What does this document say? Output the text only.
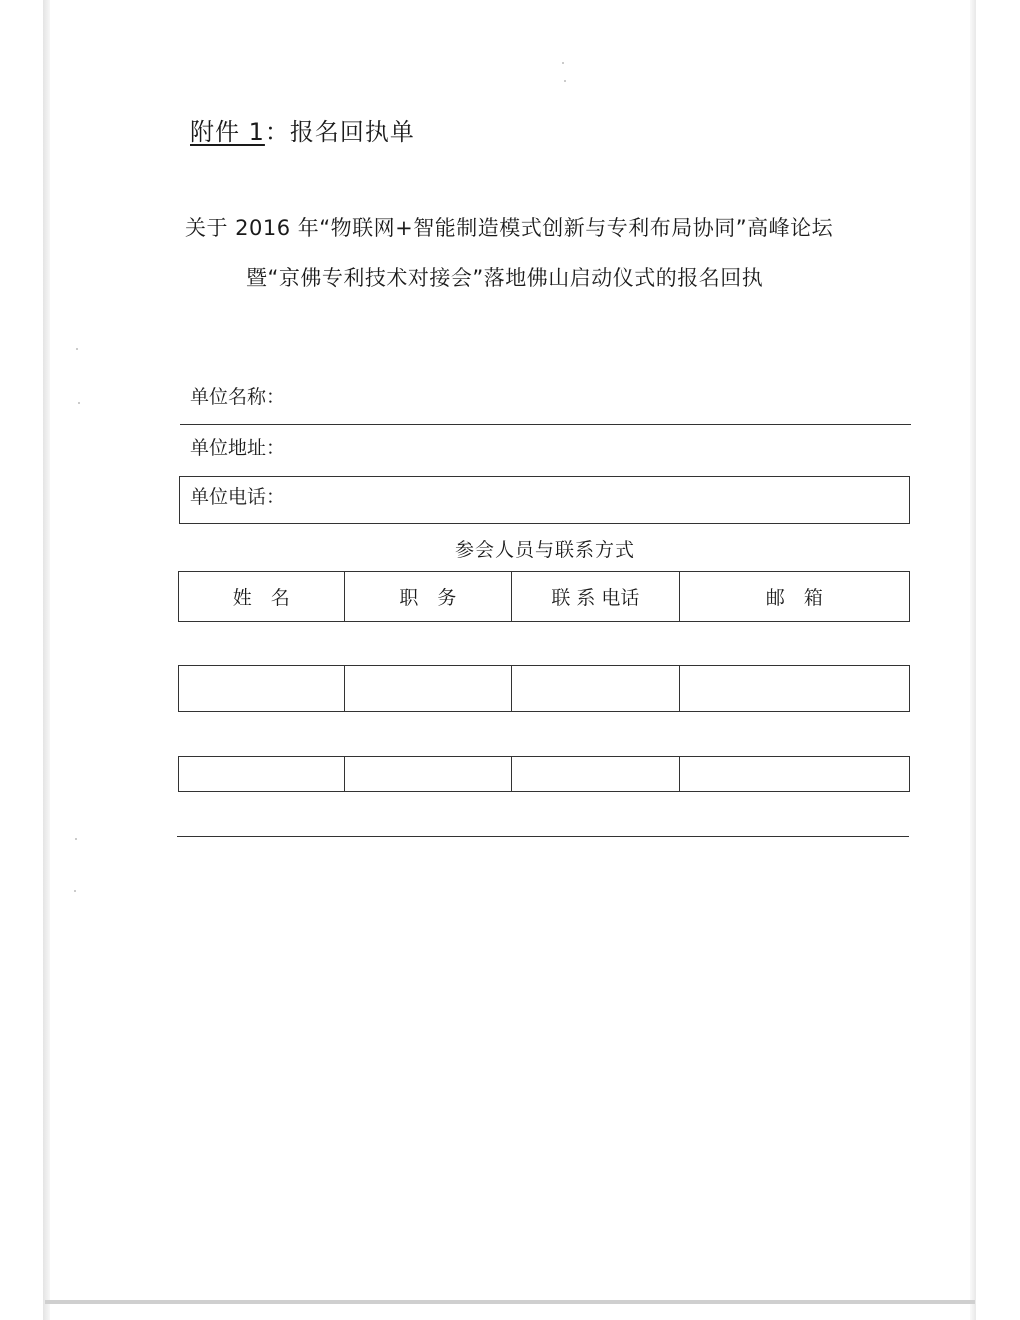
附件 1：报名回执单
关于 2016 年“物联网+智能制造模式创新与专利布局协同”高峰论坛
暨“京佛专利技术对接会”落地佛山启动仪式的报名回执
单位名称：
单位地址：
单位电话：
参会人员与联系方式
姓　名	职　务	联 系 电话	邮　箱
